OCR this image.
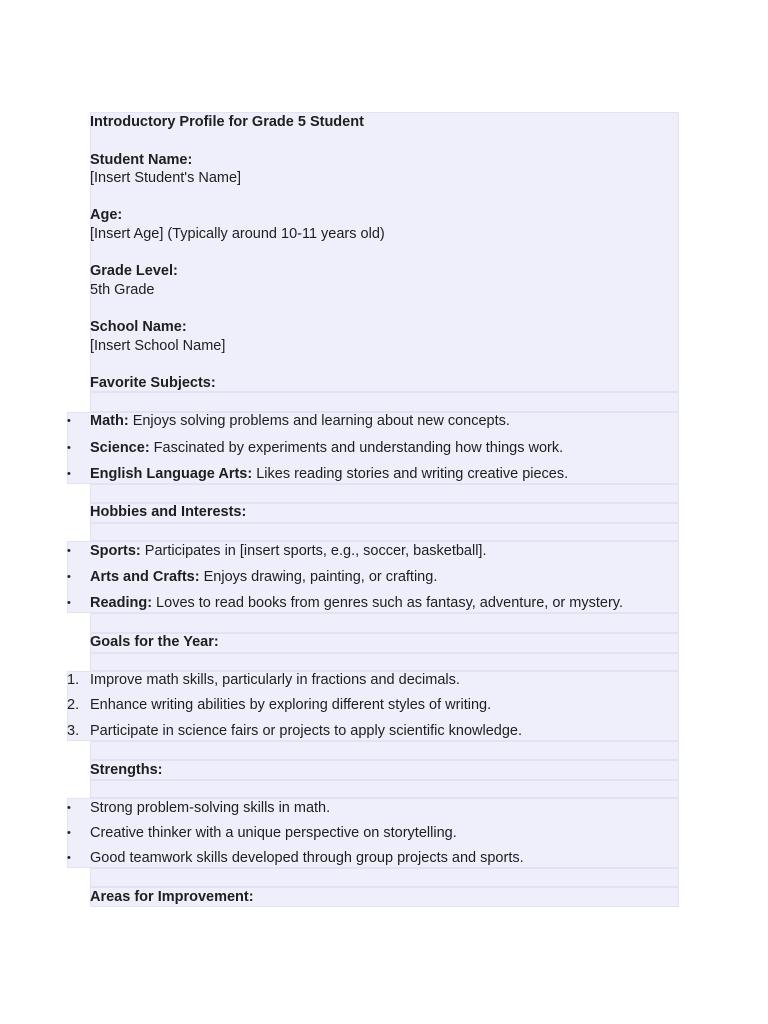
Introductory Profile for Grade 5 Student
Student Name:
[Insert Student's Name]
Age:
[Insert Age] (Typically around 10-11 years old)
Grade Level:
5th Grade
School Name:
[Insert School Name]
Favorite Subjects:
• Math: Enjoys solving problems and learning about new concepts.
• Science: Fascinated by experiments and understanding how things work.
• English Language Arts: Likes reading stories and writing creative pieces.
Hobbies and Interests:
• Sports: Participates in [insert sports, e.g., soccer, basketball].
• Arts and Crafts: Enjoys drawing, painting, or crafting.
• Reading: Loves to read books from genres such as fantasy, adventure, or mystery.
Goals for the Year:
1. Improve math skills, particularly in fractions and decimals.
2. Enhance writing abilities by exploring different styles of writing.
3. Participate in science fairs or projects to apply scientific knowledge.
Strengths:
• Strong problem-solving skills in math.
• Creative thinker with a unique perspective on storytelling.
• Good teamwork skills developed through group projects and sports.
Areas for Improvement:
